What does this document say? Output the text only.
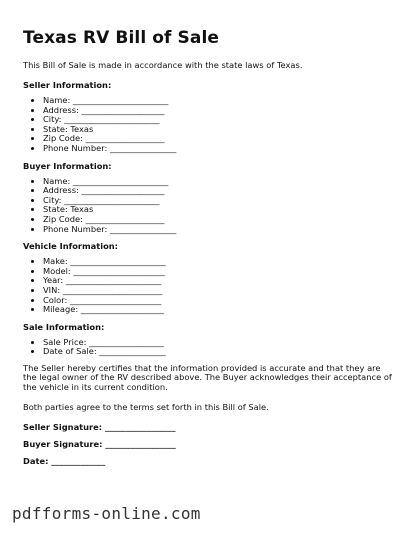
Texas RV Bill of Sale

This Bill of Sale is made in accordance with the state laws of Texas.

Seller Information:
• Name: _______________________
• Address: ____________________
• City: _______________________
• State: Texas
• Zip Code: ___________________
• Phone Number: ________________
Buyer Information:
• Name: _______________________
• Address: ____________________
• City: _______________________
• State: Texas
• Zip Code: ___________________
• Phone Number: ________________
Vehicle Information:
• Make: _______________________
• Model: ______________________
• Year: _______________________
• VIN: ________________________
• Color: ______________________
• Mileage: ____________________
Sale Information:
• Sale Price: __________________
• Date of Sale: ________________

The Seller hereby certifies that the information provided is accurate and that they are the legal owner of the RV described above. The Buyer acknowledges their acceptance of the vehicle in its current condition.

Both parties agree to the terms set forth in this Bill of Sale.

Seller Signature: _________________
Buyer Signature: _________________
Date: _____________
pdfforms-online.com
